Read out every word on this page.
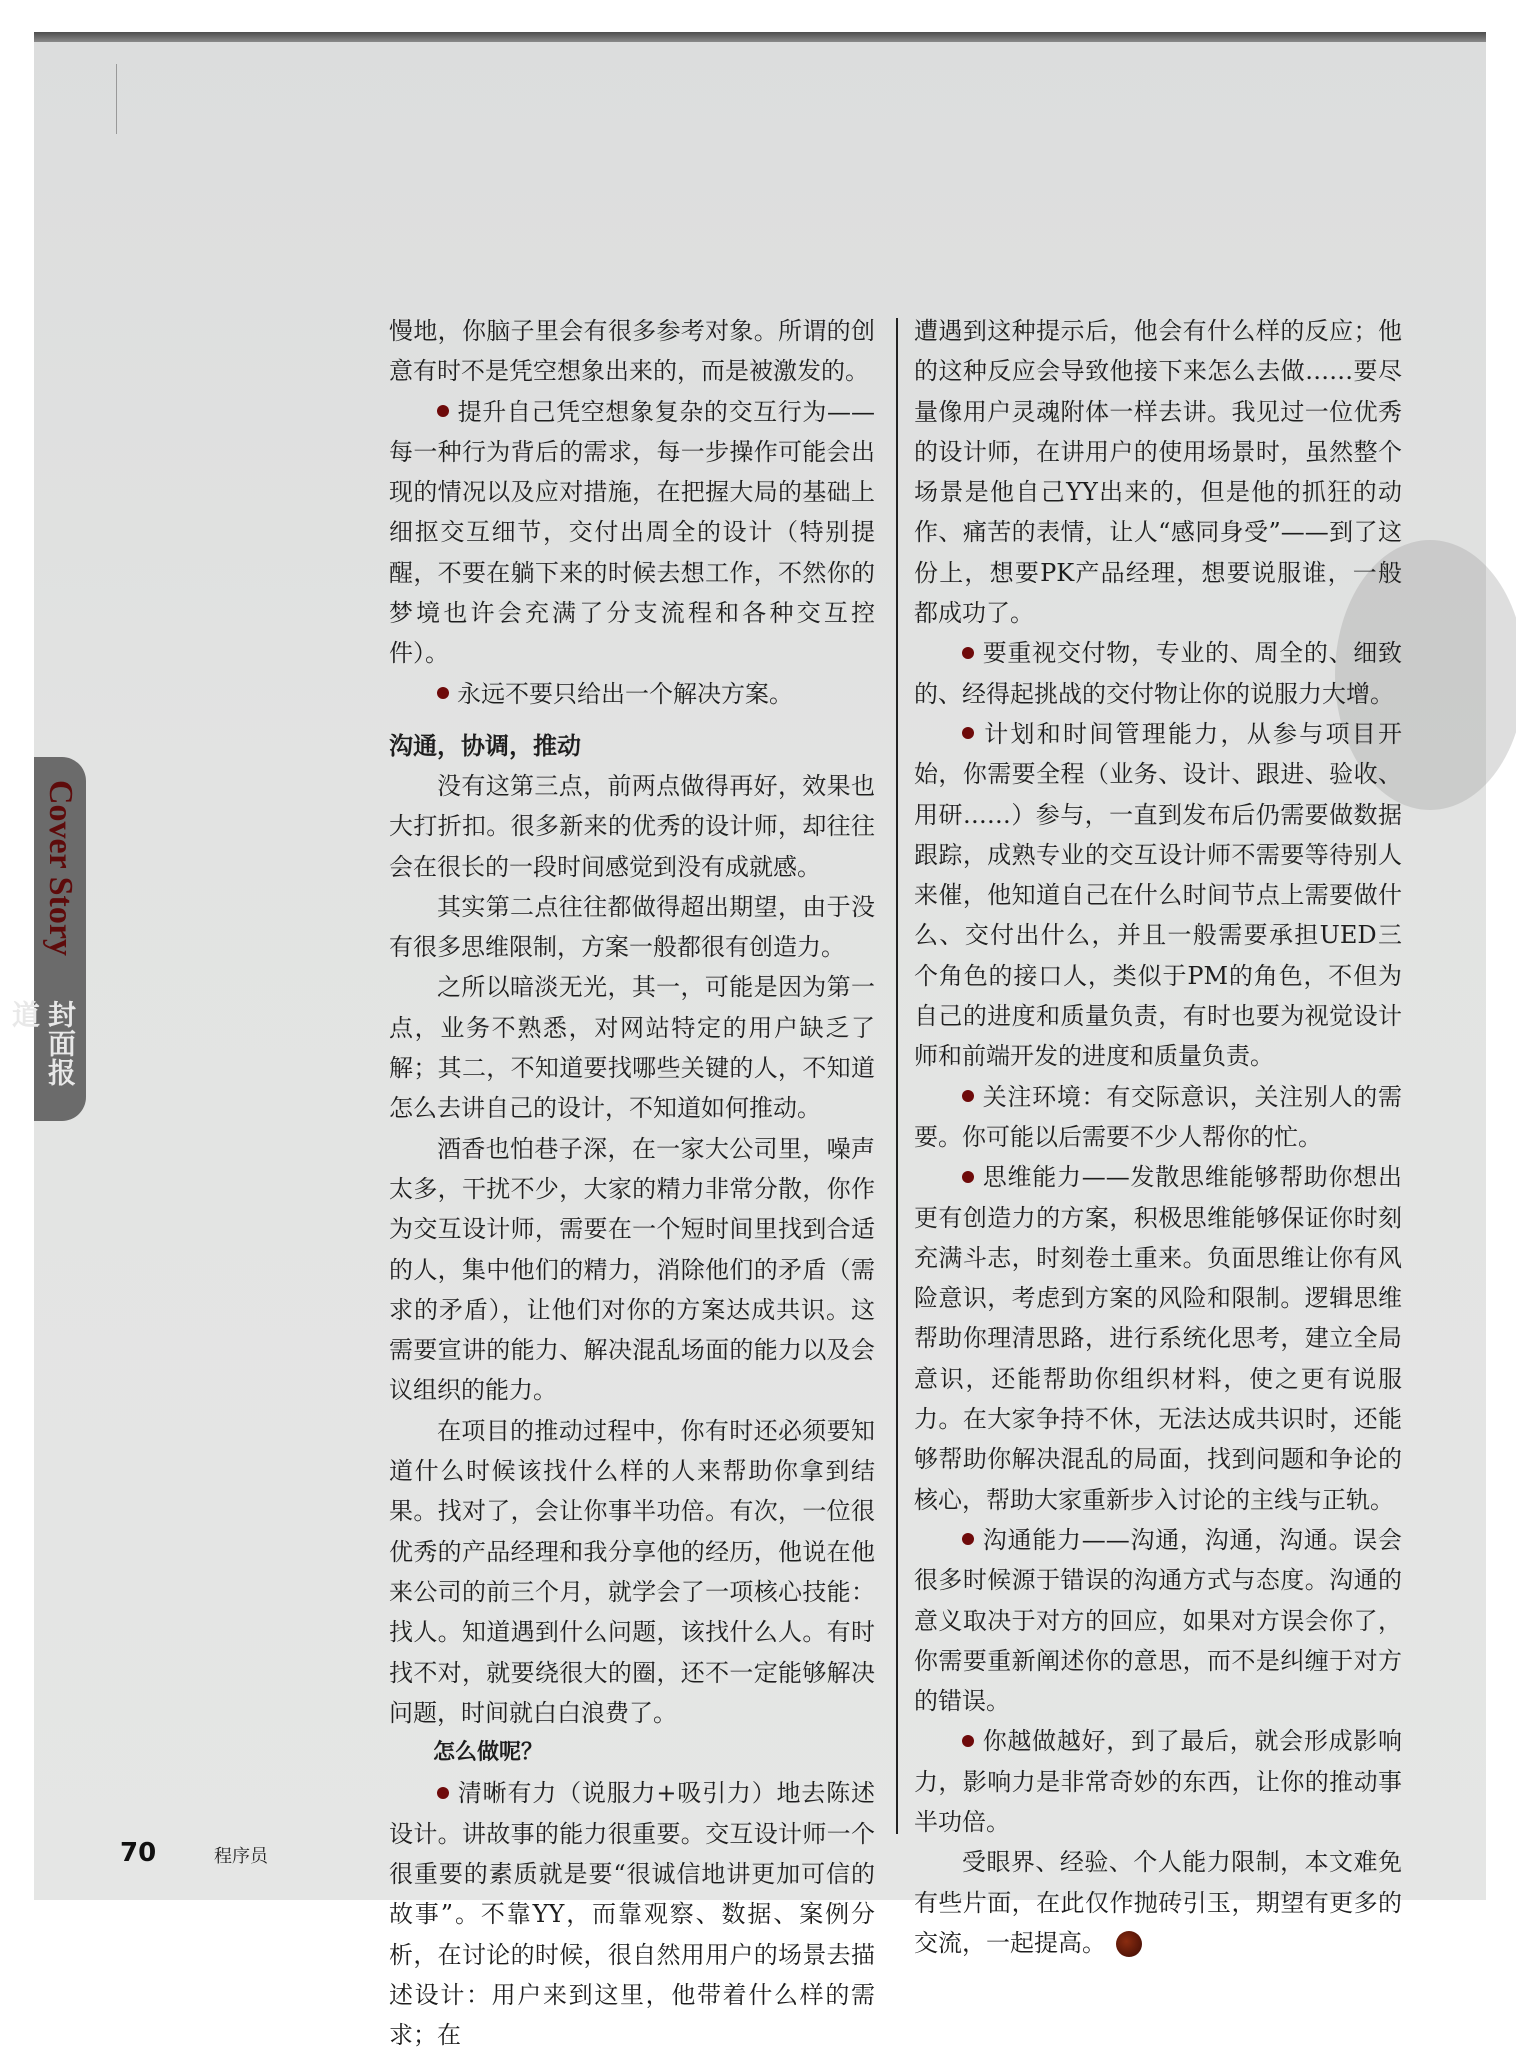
Cover Story
封面报道

慢地，你脑子里会有很多参考对象。所谓的创意有时不是凭空想象出来的，而是被激发的。

提升自己凭空想象复杂的交互行为——每一种行为背后的需求，每一步操作可能会出现的情况以及应对措施，在把握大局的基础上细抠交互细节，交付出周全的设计（特别提醒，不要在躺下来的时候去想工作，不然你的梦境也许会充满了分支流程和各种交互控件）。

永远不要只给出一个解决方案。

沟通，协调，推动

没有这第三点，前两点做得再好，效果也大打折扣。很多新来的优秀的设计师，却往往会在很长的一段时间感觉到没有成就感。

其实第二点往往都做得超出期望，由于没有很多思维限制，方案一般都很有创造力。

之所以暗淡无光，其一，可能是因为第一点，业务不熟悉，对网站特定的用户缺乏了解；其二，不知道要找哪些关键的人，不知道怎么去讲自己的设计，不知道如何推动。

酒香也怕巷子深，在一家大公司里，噪声太多，干扰不少，大家的精力非常分散，你作为交互设计师，需要在一个短时间里找到合适的人，集中他们的精力，消除他们的矛盾（需求的矛盾），让他们对你的方案达成共识。这需要宣讲的能力、解决混乱场面的能力以及会议组织的能力。

在项目的推动过程中，你有时还必须要知道什么时候该找什么样的人来帮助你拿到结果。找对了，会让你事半功倍。有次，一位很优秀的产品经理和我分享他的经历，他说在他来公司的前三个月，就学会了一项核心技能：找人。知道遇到什么问题，该找什么人。有时找不对，就要绕很大的圈，还不一定能够解决问题，时间就白白浪费了。

怎么做呢？

清晰有力（说服力+吸引力）地去陈述设计。讲故事的能力很重要。交互设计师一个很重要的素质就是要“很诚信地讲更加可信的故事”。不靠YY，而靠观察、数据、案例分析，在讨论的时候，很自然用用户的场景去描述设计：用户来到这里，他带着什么样的需求；在

遭遇到这种提示后，他会有什么样的反应；他的这种反应会导致他接下来怎么去做……要尽量像用户灵魂附体一样去讲。我见过一位优秀的设计师，在讲用户的使用场景时，虽然整个场景是他自己YY出来的，但是他的抓狂的动作、痛苦的表情，让人“感同身受”——到了这份上，想要PK产品经理，想要说服谁，一般都成功了。

要重视交付物，专业的、周全的、细致的、经得起挑战的交付物让你的说服力大增。

计划和时间管理能力，从参与项目开始，你需要全程（业务、设计、跟进、验收、用研……）参与，一直到发布后仍需要做数据跟踪，成熟专业的交互设计师不需要等待别人来催，他知道自己在什么时间节点上需要做什么、交付出什么，并且一般需要承担UED三个角色的接口人，类似于PM的角色，不但为自己的进度和质量负责，有时也要为视觉设计师和前端开发的进度和质量负责。

关注环境：有交际意识，关注别人的需要。你可能以后需要不少人帮你的忙。

思维能力——发散思维能够帮助你想出更有创造力的方案，积极思维能够保证你时刻充满斗志，时刻卷土重来。负面思维让你有风险意识，考虑到方案的风险和限制。逻辑思维帮助你理清思路，进行系统化思考，建立全局意识，还能帮助你组织材料，使之更有说服力。在大家争持不休，无法达成共识时，还能够帮助你解决混乱的局面，找到问题和争论的核心，帮助大家重新步入讨论的主线与正轨。

沟通能力——沟通，沟通，沟通。误会很多时候源于错误的沟通方式与态度。沟通的意义取决于对方的回应，如果对方误会你了，你需要重新阐述你的意思，而不是纠缠于对方的错误。

你越做越好，到了最后，就会形成影响力，影响力是非常奇妙的东西，让你的推动事半功倍。

受眼界、经验、个人能力限制，本文难免有些片面，在此仅作抛砖引玉，期望有更多的交流，一起提高。	P

70	程序员
